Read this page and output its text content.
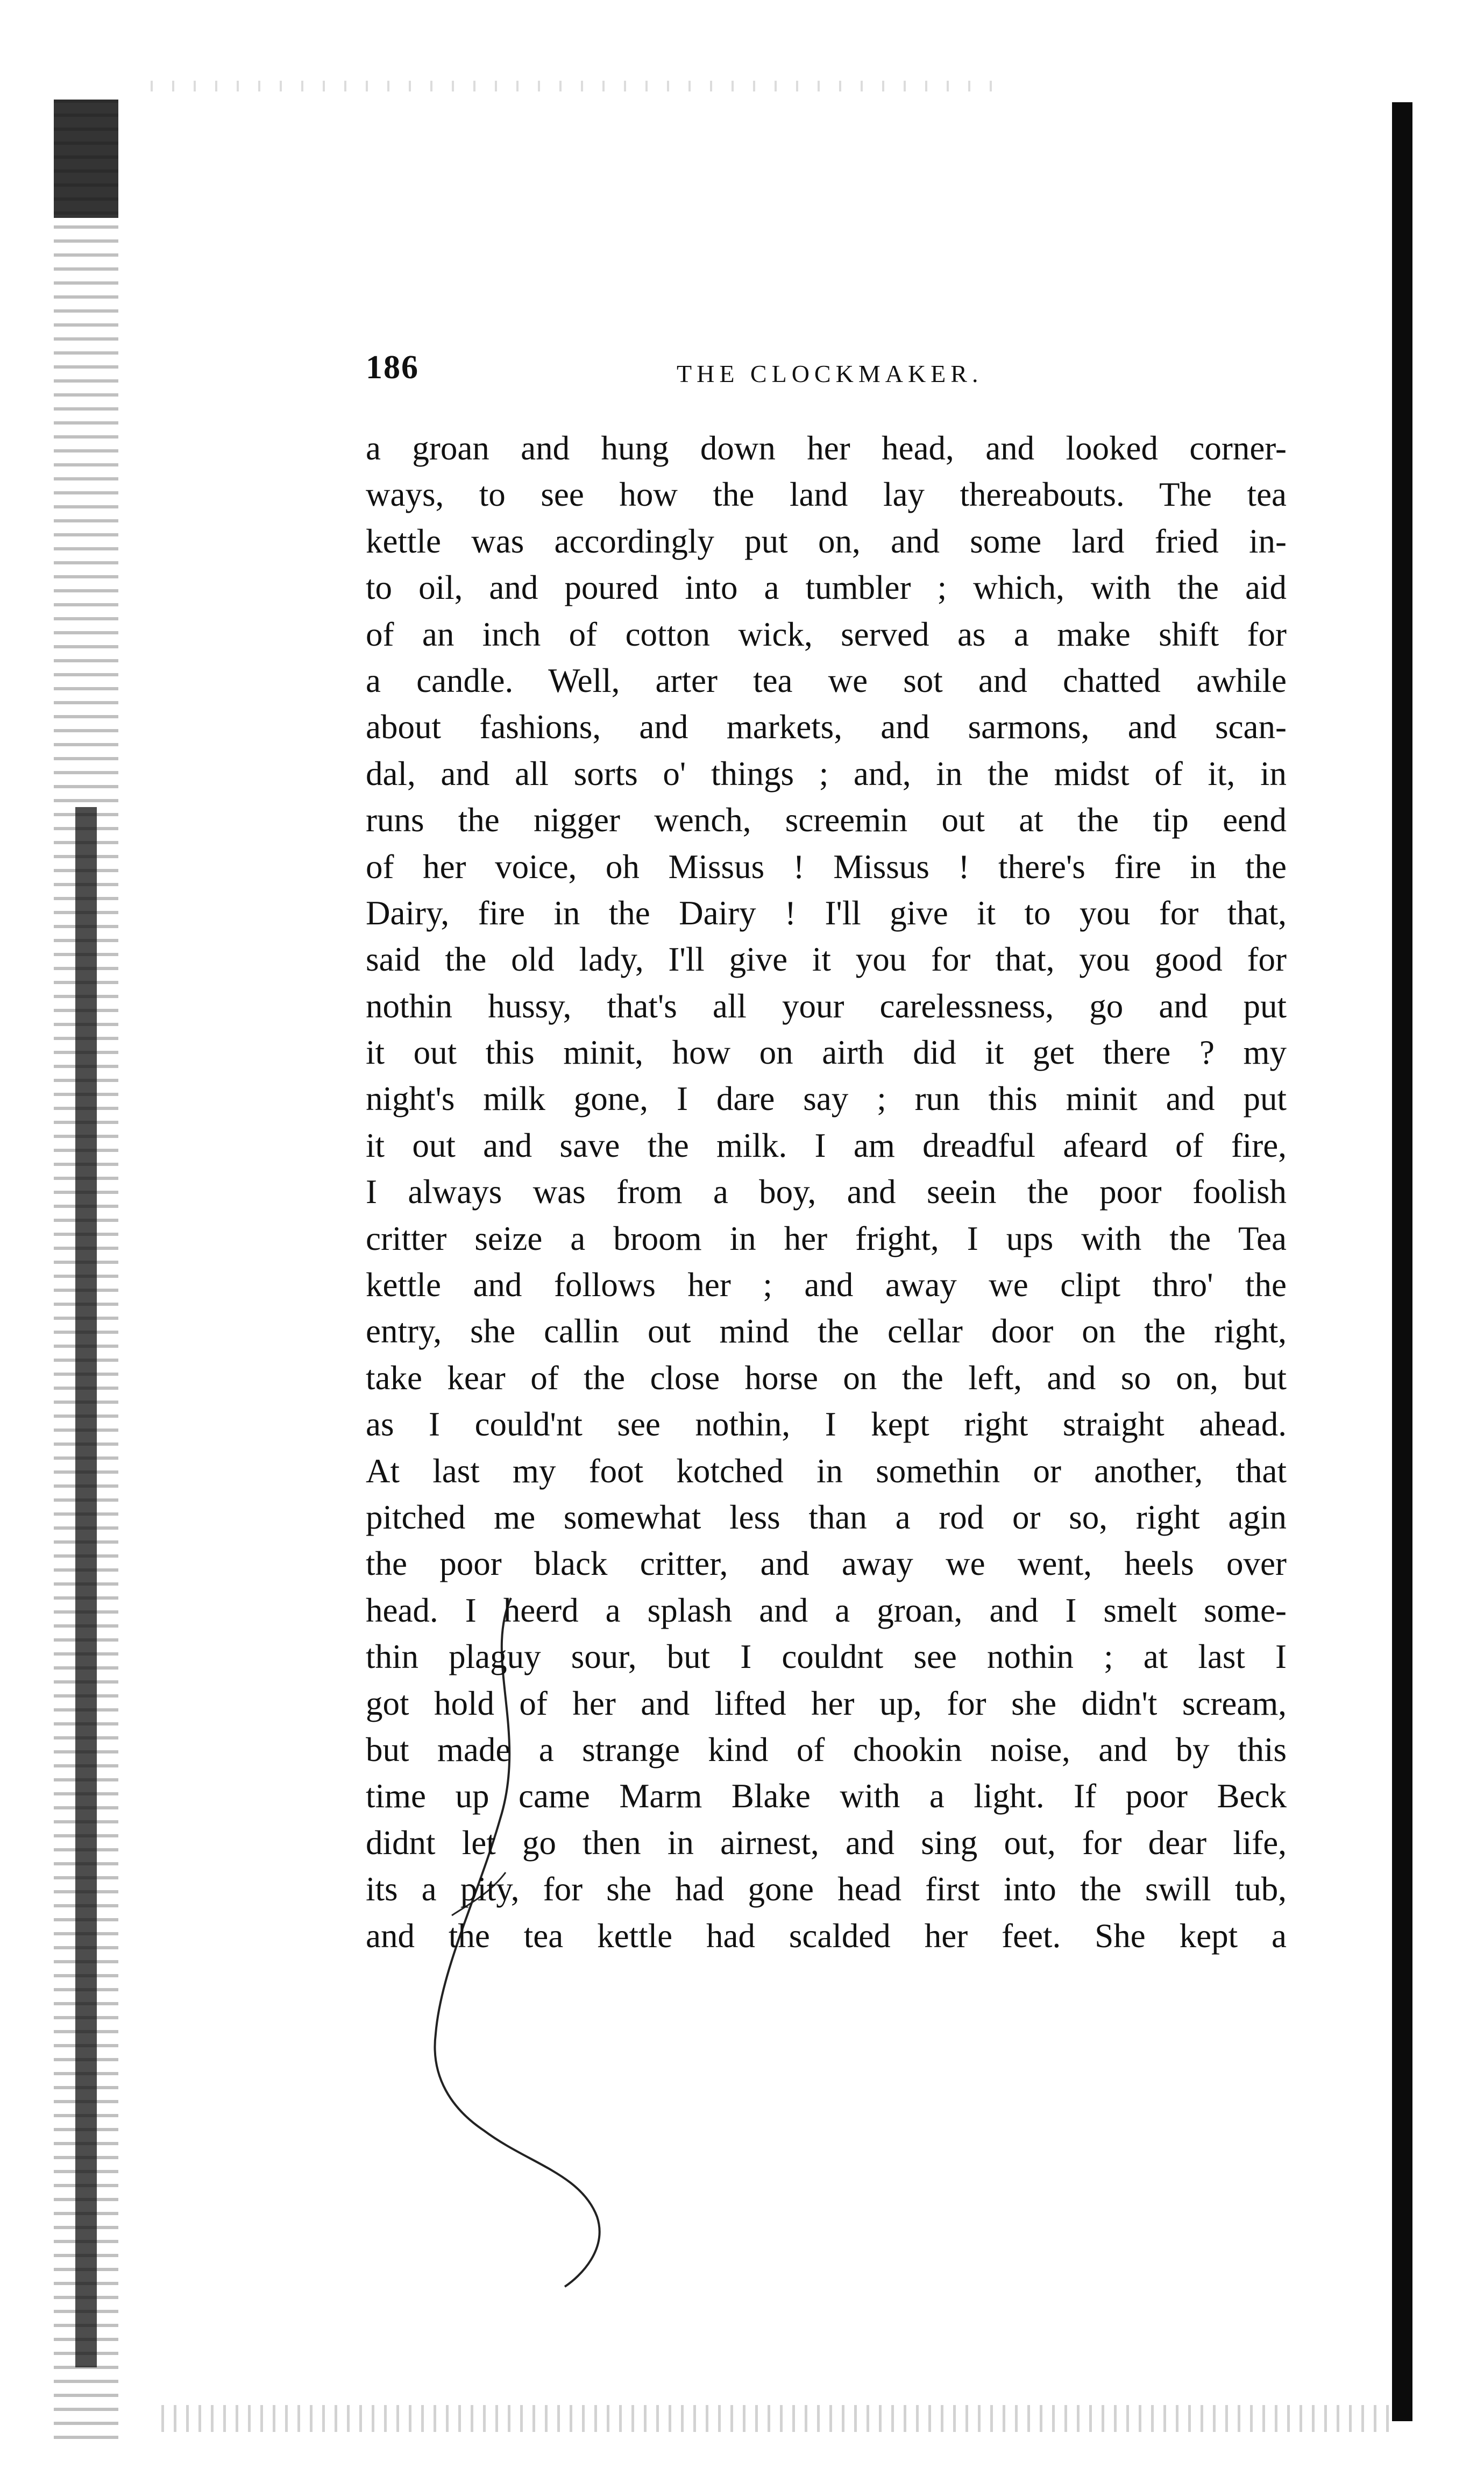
186	THE CLOCKMAKER.
a groan and hung down her head, and looked corner-
ways, to see how the land lay thereabouts. The tea
kettle was accordingly put on, and some lard fried in-
to oil, and poured into a tumbler ; which, with the aid
of an inch of cotton wick, served as a make shift for
a candle. Well, arter tea we sot and chatted awhile
about fashions, and markets, and sarmons, and scan-
dal, and all sorts o' things ; and, in the midst of it, in
runs the nigger wench, screemin out at the tip eend
of her voice, oh Missus ! Missus ! there's fire in the
Dairy, fire in the Dairy ! I'll give it to you for that,
said the old lady, I'll give it you for that, you good for
nothin hussy, that's all your carelessness, go and put
it out this minit, how on airth did it get there ? my
night's milk gone, I dare say ; run this minit and put
it out and save the milk. I am dreadful afeard of fire,
I always was from a boy, and seein the poor foolish
critter seize a broom in her fright, I ups with the Tea
kettle and follows her ; and away we clipt thro' the
entry, she callin out mind the cellar door on the right,
take kear of the close horse on the left, and so on, but
as I could'nt see nothin, I kept right straight ahead.
At last my foot kotched in somethin or another, that
pitched me somewhat less than a rod or so, right agin
the poor black critter, and away we went, heels over
head. I heerd a splash and a groan, and I smelt some-
thin plaguy sour, but I couldnt see nothin ; at last I
got hold of her and lifted her up, for she didn't scream,
but made a strange kind of chookin noise, and by this
time up came Marm Blake with a light. If poor Beck
didnt let go then in airnest, and sing out, for dear life,
its a pity, for she had gone head first into the swill tub,
and the tea kettle had scalded her feet. She kept a
